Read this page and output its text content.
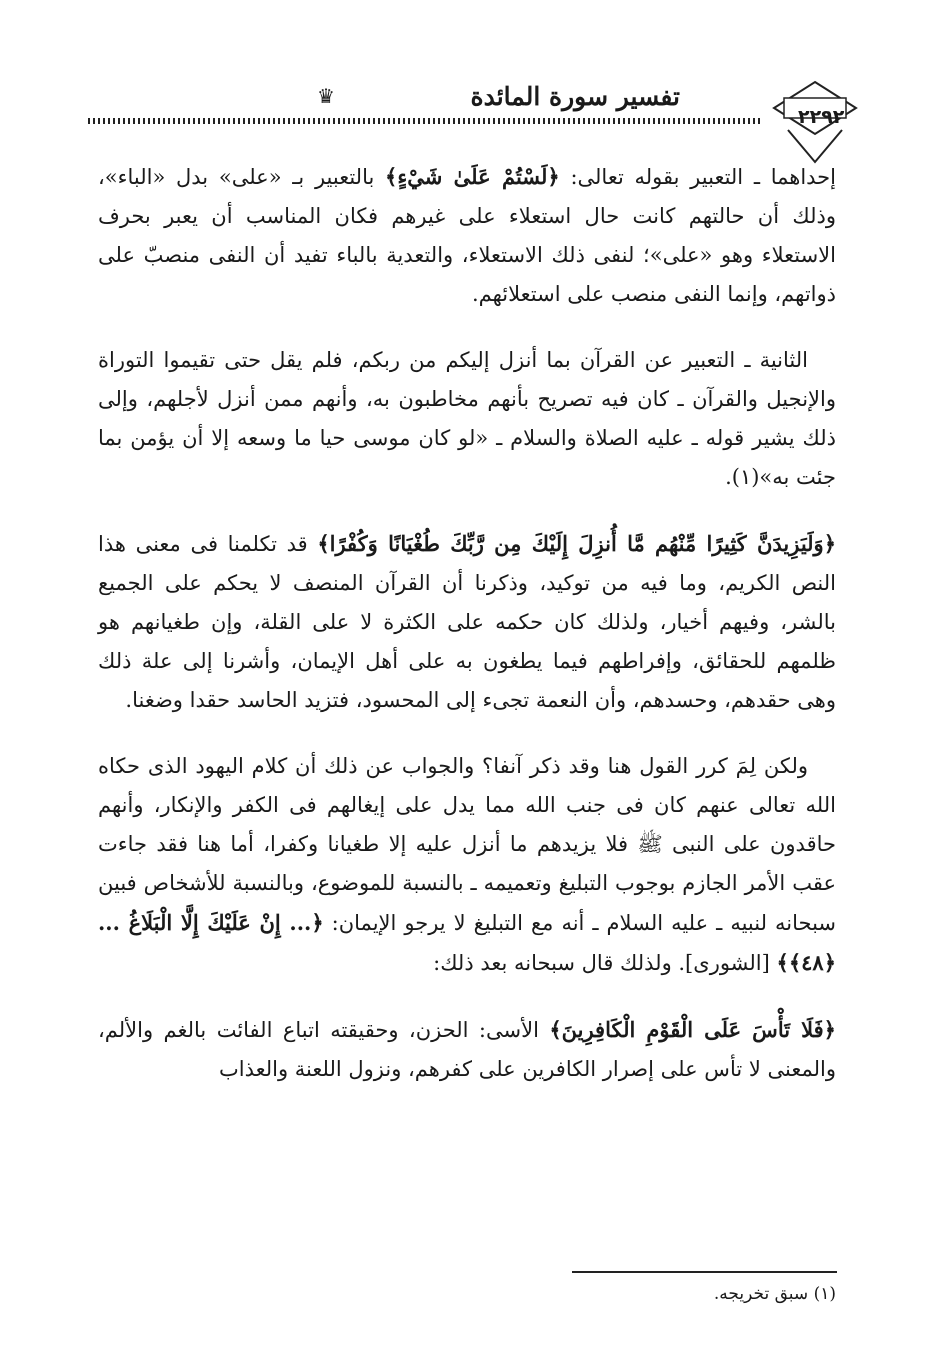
تفسير سورة المائدة
♛
٢٢٩٢

إحداهما ـ التعبير بقوله تعالى: ﴿لَسْتُمْ عَلَىٰ شَيْءٍ﴾ بالتعبير بـ «على» بدل «الباء»، وذلك أن حالتهم كانت حال استعلاء على غيرهم فكان المناسب أن يعبر بحرف الاستعلاء وهو «على»؛ لنفى ذلك الاستعلاء، والتعدية بالباء تفيد أن النفى منصبّ على ذواتهم، وإنما النفى منصب على استعلائهم.

الثانية ـ التعبير عن القرآن بما أنزل إليكم من ربكم، فلم يقل حتى تقيموا التوراة والإنجيل والقرآن ـ كان فيه تصريح بأنهم مخاطبون به، وأنهم ممن أنزل لأجلهم، وإلى ذلك يشير قوله ـ عليه الصلاة والسلام ـ «لو كان موسى حيا ما وسعه إلا أن يؤمن بما جئت به»(١).

﴿وَلَيَزِيدَنَّ كَثِيرًا مِّنْهُم مَّا أُنزِلَ إِلَيْكَ مِن رَّبِّكَ طُغْيَانًا وَكُفْرًا﴾ قد تكلمنا فى معنى هذا النص الكريم، وما فيه من توكيد، وذكرنا أن القرآن المنصف لا يحكم على الجميع بالشر، وفيهم أخيار، ولذلك كان حكمه على الكثرة لا على القلة، وإن طغيانهم هو ظلمهم للحقائق، وإفراطهم فيما يطغون به على أهل الإيمان، وأشرنا إلى علة ذلك وهى حقدهم، وحسدهم، وأن النعمة تجىء إلى المحسود، فتزيد الحاسد حقدا وضغنا.

ولكن لِمَ كرر القول هنا وقد ذكر آنفا؟ والجواب عن ذلك أن كلام اليهود الذى حكاه الله تعالى عنهم كان فى جنب الله مما يدل على إيغالهم فى الكفر والإنكار، وأنهم حاقدون على النبى ﷺ فلا يزيدهم ما أنزل عليه إلا طغيانا وكفرا، أما هنا فقد جاءت عقب الأمر الجازم بوجوب التبليغ وتعميمه ـ بالنسبة للموضوع، وبالنسبة للأشخاص فبين سبحانه لنبيه ـ عليه السلام ـ أنه مع التبليغ لا يرجو الإيمان: ﴿... إِنْ عَلَيْكَ إِلَّا الْبَلَاغُ ... ﴿٤٨﴾﴾ [الشورى]. ولذلك قال سبحانه بعد ذلك:

﴿فَلَا تَأْسَ عَلَى الْقَوْمِ الْكَافِرِينَ﴾ الأسى: الحزن، وحقيقته اتباع الفائت بالغم والألم، والمعنى لا تأس على إصرار الكافرين على كفرهم، ونزول اللعنة والعذاب

(١) سبق تخريجه.
